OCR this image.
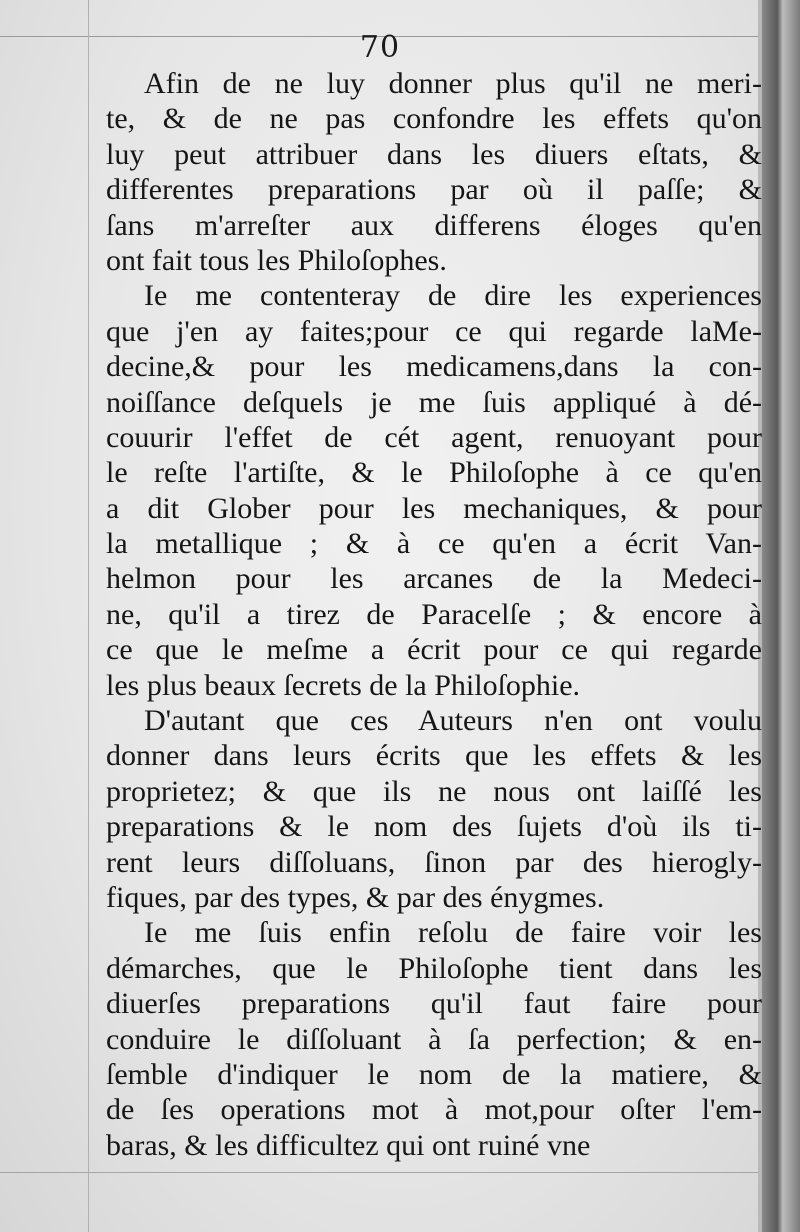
70
Afin de ne luy donner plus qu'il ne meri-
te, & de ne pas confondre les effets qu'on
luy peut attribuer dans les diuers eſtats, &
differentes preparations par où il paſſe; &
ſans m'arreſter aux differens éloges qu'en
ont fait tous les Philoſophes.
Ie me contenteray de dire les experiences
que j'en ay faites;pour ce qui regarde laMe-
decine,& pour les medicamens,dans la con-
noiſſance deſquels je me ſuis appliqué à dé-
couurir l'effet de cét agent, renuoyant pour
le reſte l'artiſte, & le Philoſophe à ce qu'en
a dit Glober pour les mechaniques, & pour
la metallique ; & à ce qu'en a écrit Van-
helmon pour les arcanes de la Medeci-
ne, qu'il a tirez de Paracelſe ; & encore à
ce que le meſme a écrit pour ce qui regarde
les plus beaux ſecrets de la Philoſophie.
D'autant que ces Auteurs n'en ont voulu
donner dans leurs écrits que les effets & les
proprietez; & que ils ne nous ont laiſſé les
preparations & le nom des ſujets d'où ils ti-
rent leurs diſſoluans, ſinon par des hierogly-
fiques, par des types, & par des énygmes.
Ie me ſuis enfin reſolu de faire voir les
démarches, que le Philoſophe tient dans les
diuerſes preparations qu'il faut faire pour
conduire le diſſoluant à ſa perfection; & en-
ſemble d'indiquer le nom de la matiere, &
de ſes operations mot à mot,pour oſter l'em-
baras, & les difficultez qui ont ruiné vne
